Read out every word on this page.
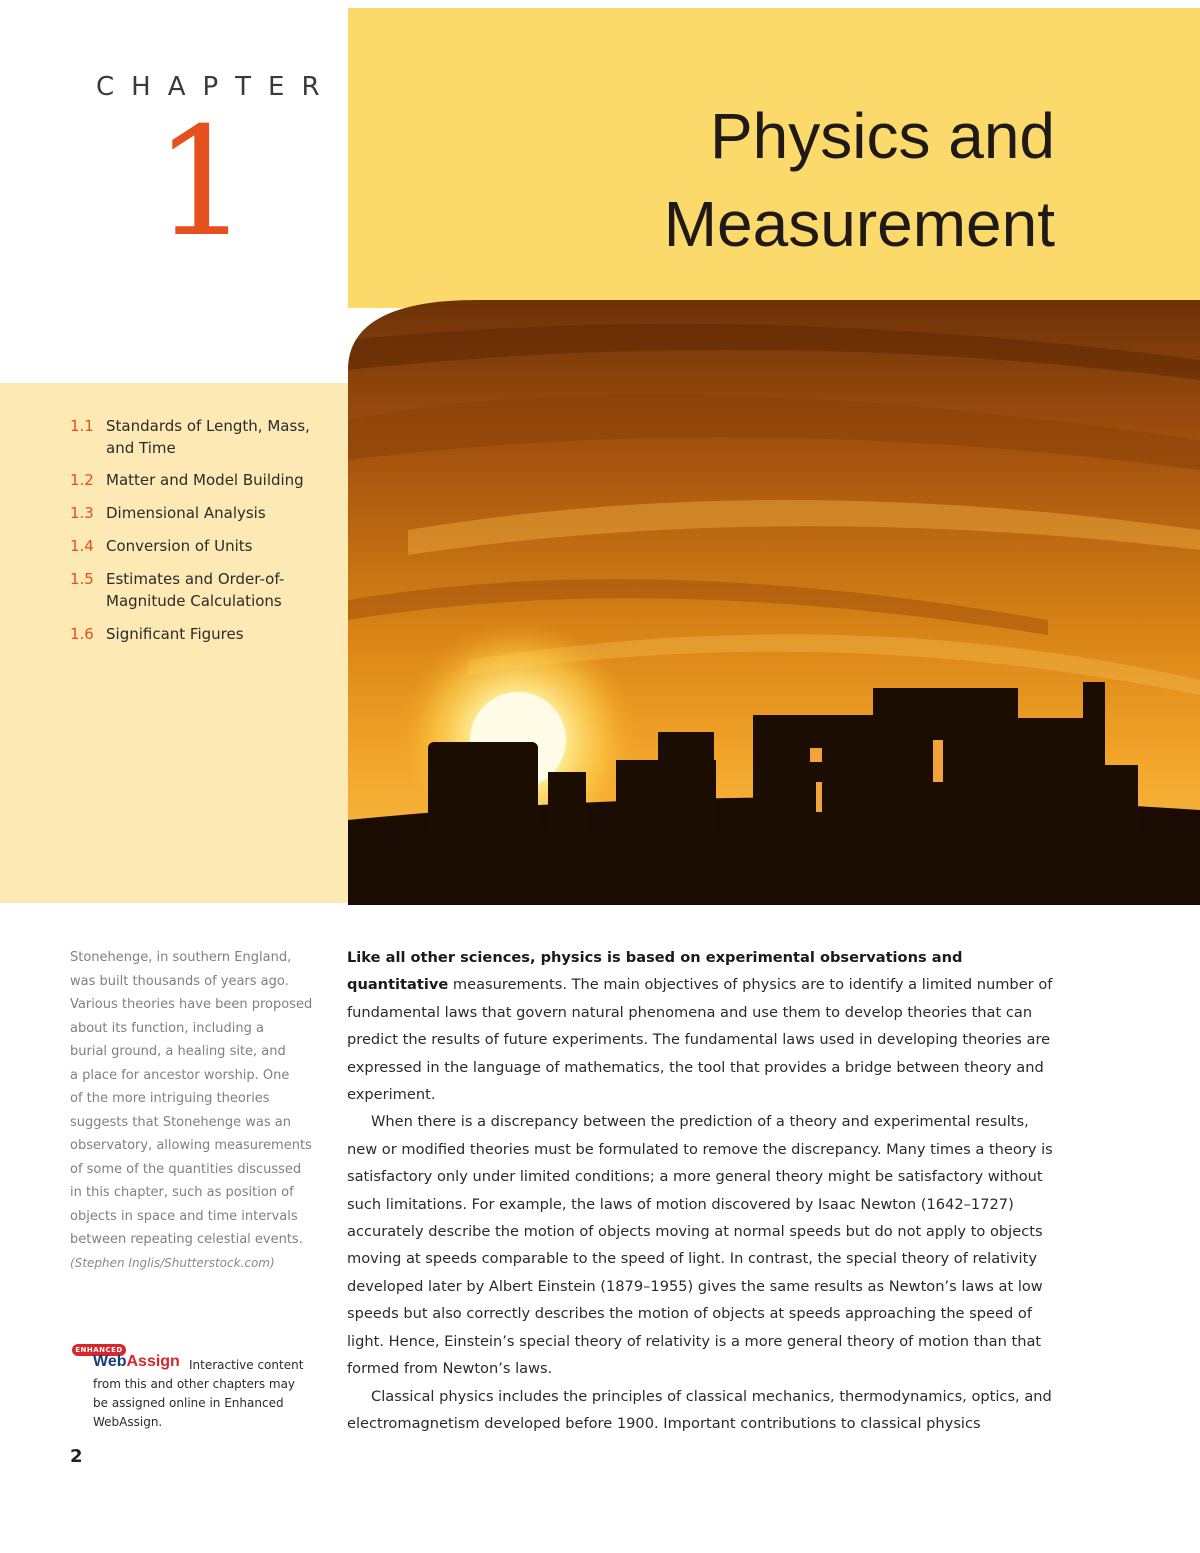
CHAPTER
1	Physics and
Measurement
1.1 Standards of Length, Mass,
and Time
1.2 Matter and Model Building
1.3 Dimensional Analysis
1.4 Conversion of Units
1.5 Estimates and Order-of-
Magnitude Calculations
1.6 Significant Figures
Stonehenge, in southern England,
was built thousands of years ago.
Various theories have been proposed
about its function, including a
burial ground, a healing site, and
a place for ancestor worship. One
of the more intriguing theories
suggests that Stonehenge was an
observatory, allowing measurements
of some of the quantities discussed
in this chapter, such as position of
objects in space and time intervals
between repeating celestial events.
(Stephen Inglis/Shutterstock.com)
ENHANCED
Interactive content from this and other chapters may be assigned online in Enhanced WebAssign.
WebAssign
2

Like all other sciences, physics is based on experimental observations and quantitative measurements. The main objectives of physics are to identify a limited number of fundamental laws that govern natural phenomena and use them to develop theories that can predict the results of future experiments. The fundamental laws used in developing theories are expressed in the language of mathematics, the tool that provides a bridge between theory and experiment.

When there is a discrepancy between the prediction of a theory and experimental results, new or modified theories must be formulated to remove the discrepancy. Many times a theory is satisfactory only under limited conditions; a more general theory might be satisfactory without such limitations. For example, the laws of motion discovered by Isaac Newton (1642–1727) accurately describe the motion of objects moving at normal speeds but do not apply to objects moving at speeds comparable to the speed of light. In contrast, the special theory of relativity developed later by Albert Einstein (1879–1955) gives the same results as Newton’s laws at low speeds but also correctly describes the motion of objects at speeds approaching the speed of light. Hence, Einstein’s special theory of relativity is a more general theory of motion than that formed from Newton’s laws.

Classical physics includes the principles of classical mechanics, thermodynamics, optics, and electromagnetism developed before 1900. Important contributions to classical physics
